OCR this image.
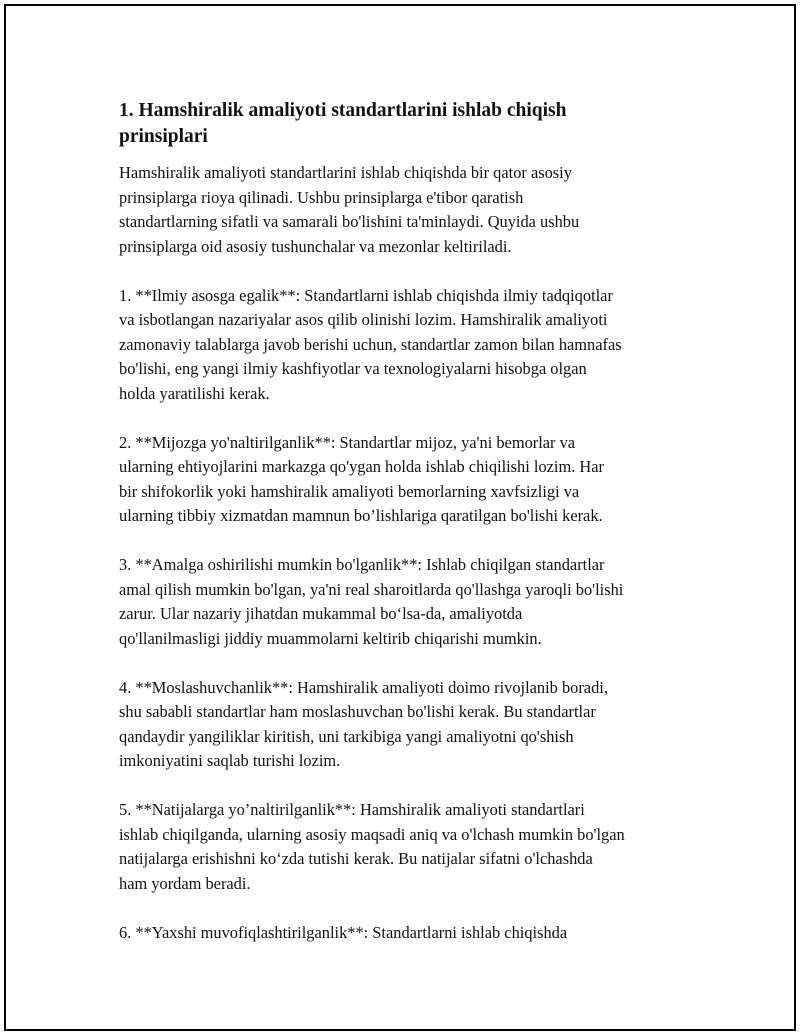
1. Hamshiralik amaliyoti standartlarini ishlab chiqish
prinsiplari
Hamshiralik amaliyoti standartlarini ishlab chiqishda bir qator asosiy
prinsiplarga rioya qilinadi. Ushbu prinsiplarga e'tibor qaratish
standartlarning sifatli va samarali bo'lishini ta'minlaydi. Quyida ushbu
prinsiplarga oid asosiy tushunchalar va mezonlar keltiriladi.
1. **Ilmiy asosga egalik**: Standartlarni ishlab chiqishda ilmiy tadqiqotlar
va isbotlangan nazariyalar asos qilib olinishi lozim. Hamshiralik amaliyoti
zamonaviy talablarga javob berishi uchun, standartlar zamon bilan hamnafas
bo'lishi, eng yangi ilmiy kashfiyotlar va texnologiyalarni hisobga olgan
holda yaratilishi kerak.
2. **Mijozga yo'naltirilganlik**: Standartlar mijoz, ya'ni bemorlar va
ularning ehtiyojlarini markazga qo'ygan holda ishlab chiqilishi lozim. Har
bir shifokorlik yoki hamshiralik amaliyoti bemorlarning xavfsizligi va
ularning tibbiy xizmatdan mamnun bo’lishlariga qaratilgan bo'lishi kerak.
3. **Amalga oshirilishi mumkin bo'lganlik**: Ishlab chiqilgan standartlar
amal qilish mumkin bo'lgan, ya'ni real sharoitlarda qo'llashga yaroqli bo'lishi
zarur. Ular nazariy jihatdan mukammal bo‘lsa-da, amaliyotda
qo'llanilmasligi jiddiy muammolarni keltirib chiqarishi mumkin.
4. **Moslashuvchanlik**: Hamshiralik amaliyoti doimo rivojlanib boradi,
shu sababli standartlar ham moslashuvchan bo'lishi kerak. Bu standartlar
qandaydir yangiliklar kiritish, uni tarkibiga yangi amaliyotni qo'shish
imkoniyatini saqlab turishi lozim.
5. **Natijalarga yo’naltirilganlik**: Hamshiralik amaliyoti standartlari
ishlab chiqilganda, ularning asosiy maqsadi aniq va o'lchash mumkin bo'lgan
natijalarga erishishni ko‘zda tutishi kerak. Bu natijalar sifatni o'lchashda
ham yordam beradi.
6. **Yaxshi muvofiqlashtirilganlik**: Standartlarni ishlab chiqishda
